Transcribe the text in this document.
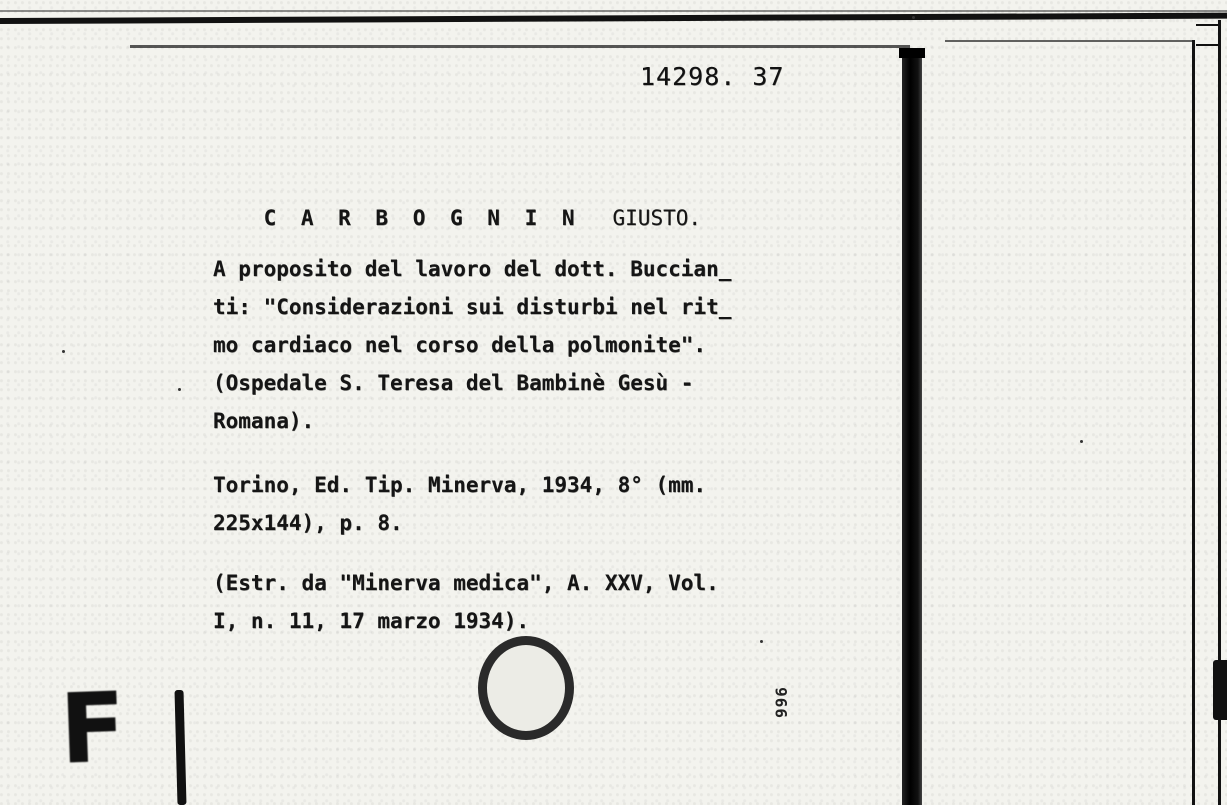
F
14298. 37

C A R B O G N I N GIUSTO.

A proposito del lavoro del dott. Buccian_
ti: "Considerazioni sui disturbi nel rit_
mo cardiaco nel corso della polmonite".
(Ospedale S. Teresa del Bambinè Gesù -
Romana).
Torino, Ed. Tip. Minerva, 1934, 8° (mm.
225x144), p. 8.
(Estr. da "Minerva medica", A. XXV, Vol.
I, n. 11, 17 marzo 1934).
996
